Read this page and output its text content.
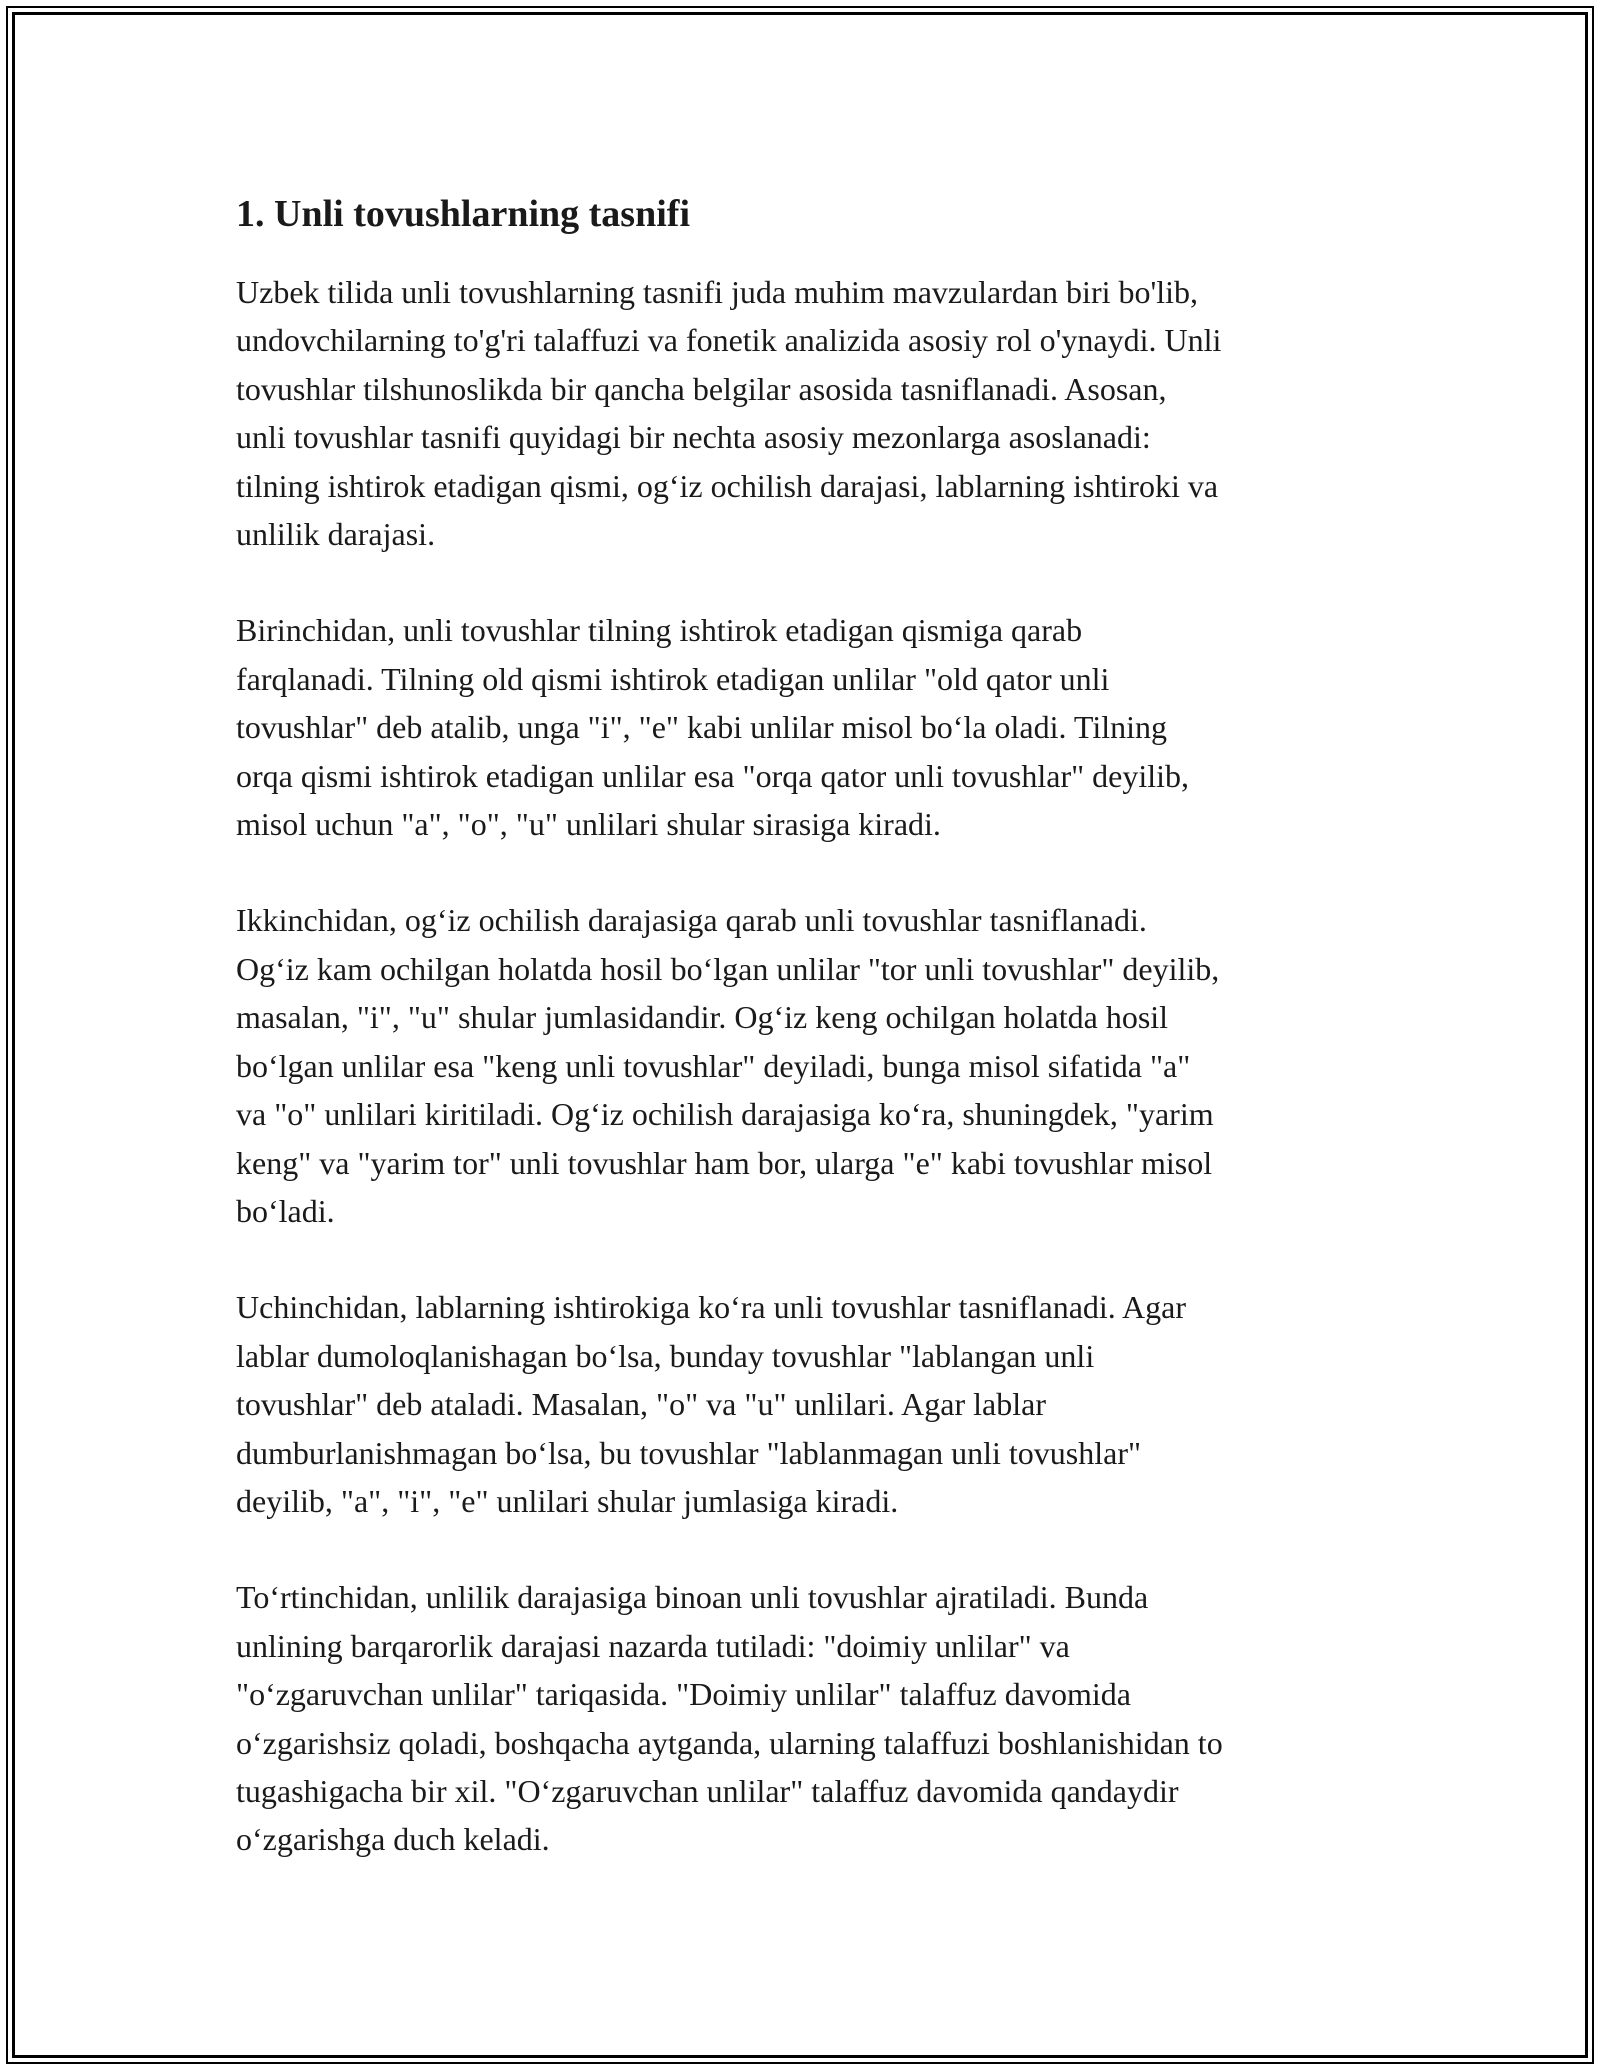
1. Unli tovushlarning tasnifi

Uzbek tilida unli tovushlarning tasnifi juda muhim mavzulardan biri bo'lib,
undovchilarning to'g'ri talaffuzi va fonetik analizida asosiy rol o'ynaydi. Unli
tovushlar tilshunoslikda bir qancha belgilar asosida tasniflanadi. Asosan,
unli tovushlar tasnifi quyidagi bir nechta asosiy mezonlarga asoslanadi:
tilning ishtirok etadigan qismi, og‘iz ochilish darajasi, lablarning ishtiroki va
unlilik darajasi.

Birinchidan, unli tovushlar tilning ishtirok etadigan qismiga qarab
farqlanadi. Tilning old qismi ishtirok etadigan unlilar "old qator unli
tovushlar" deb atalib, unga "i", "e" kabi unlilar misol bo‘la oladi. Tilning
orqa qismi ishtirok etadigan unlilar esa "orqa qator unli tovushlar" deyilib,
misol uchun "a", "o", "u" unlilari shular sirasiga kiradi.

Ikkinchidan, og‘iz ochilish darajasiga qarab unli tovushlar tasniflanadi.
Og‘iz kam ochilgan holatda hosil bo‘lgan unlilar "tor unli tovushlar" deyilib,
masalan, "i", "u" shular jumlasidandir. Og‘iz keng ochilgan holatda hosil
bo‘lgan unlilar esa "keng unli tovushlar" deyiladi, bunga misol sifatida "a"
va "o" unlilari kiritiladi. Og‘iz ochilish darajasiga ko‘ra, shuningdek, "yarim
keng" va "yarim tor" unli tovushlar ham bor, ularga "e" kabi tovushlar misol
bo‘ladi.

Uchinchidan, lablarning ishtirokiga ko‘ra unli tovushlar tasniflanadi. Agar
lablar dumoloqlanishagan bo‘lsa, bunday tovushlar "lablangan unli
tovushlar" deb ataladi. Masalan, "o" va "u" unlilari. Agar lablar
dumburlanishmagan bo‘lsa, bu tovushlar "lablanmagan unli tovushlar"
deyilib, "a", "i", "e" unlilari shular jumlasiga kiradi.

To‘rtinchidan, unlilik darajasiga binoan unli tovushlar ajratiladi. Bunda
unlining barqarorlik darajasi nazarda tutiladi: "doimiy unlilar" va
"o‘zgaruvchan unlilar" tariqasida. "Doimiy unlilar" talaffuz davomida
o‘zgarishsiz qoladi, boshqacha aytganda, ularning talaffuzi boshlanishidan to
tugashigacha bir xil. "O‘zgaruvchan unlilar" talaffuz davomida qandaydir
o‘zgarishga duch keladi.
